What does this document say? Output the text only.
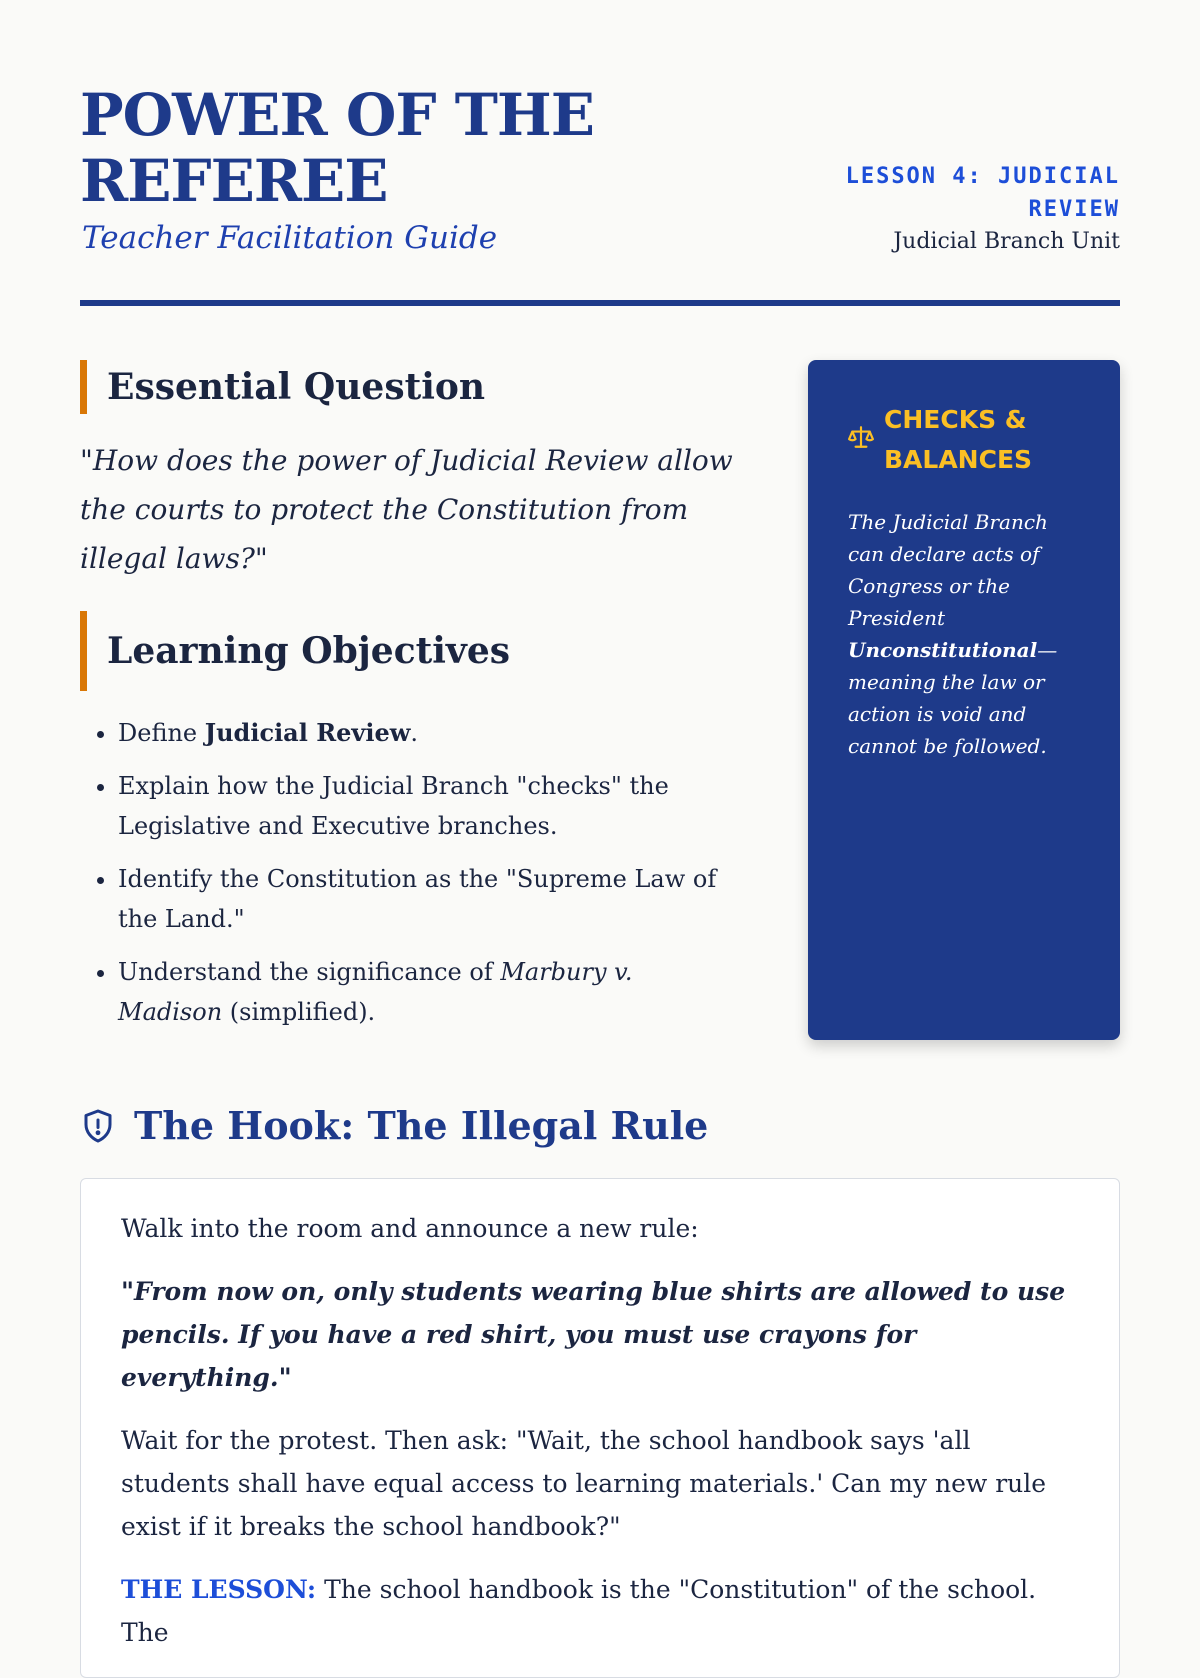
POWER OF THE REFEREE
Teacher Facilitation Guide
LESSON 4: JUDICIAL REVIEW
Judicial Branch Unit
Essential Question

"How does the power of Judicial Review allow the courts to protect the Constitution from illegal laws?"

Learning Objectives
• Define Judicial Review.
• Explain how the Judicial Branch "checks" the Legislative and Executive branches.
• Identify the Constitution as the "Supreme Law of the Land."
• Understand the significance of Marbury v. Madison (simplified).
CHECKS & BALANCES
The Judicial Branch can declare acts of Congress or the President Unconstitutional—meaning the law or action is void and cannot be followed.
The Hook: The Illegal Rule

Walk into the room and announce a new rule:

"From now on, only students wearing blue shirts are allowed to use pencils. If you have a red shirt, you must use crayons for everything."

Wait for the protest. Then ask: "Wait, the school handbook says 'all students shall have equal access to learning materials.' Can my new rule exist if it breaks the school handbook?"

THE LESSON: The school handbook is the "Constitution" of the school. The
